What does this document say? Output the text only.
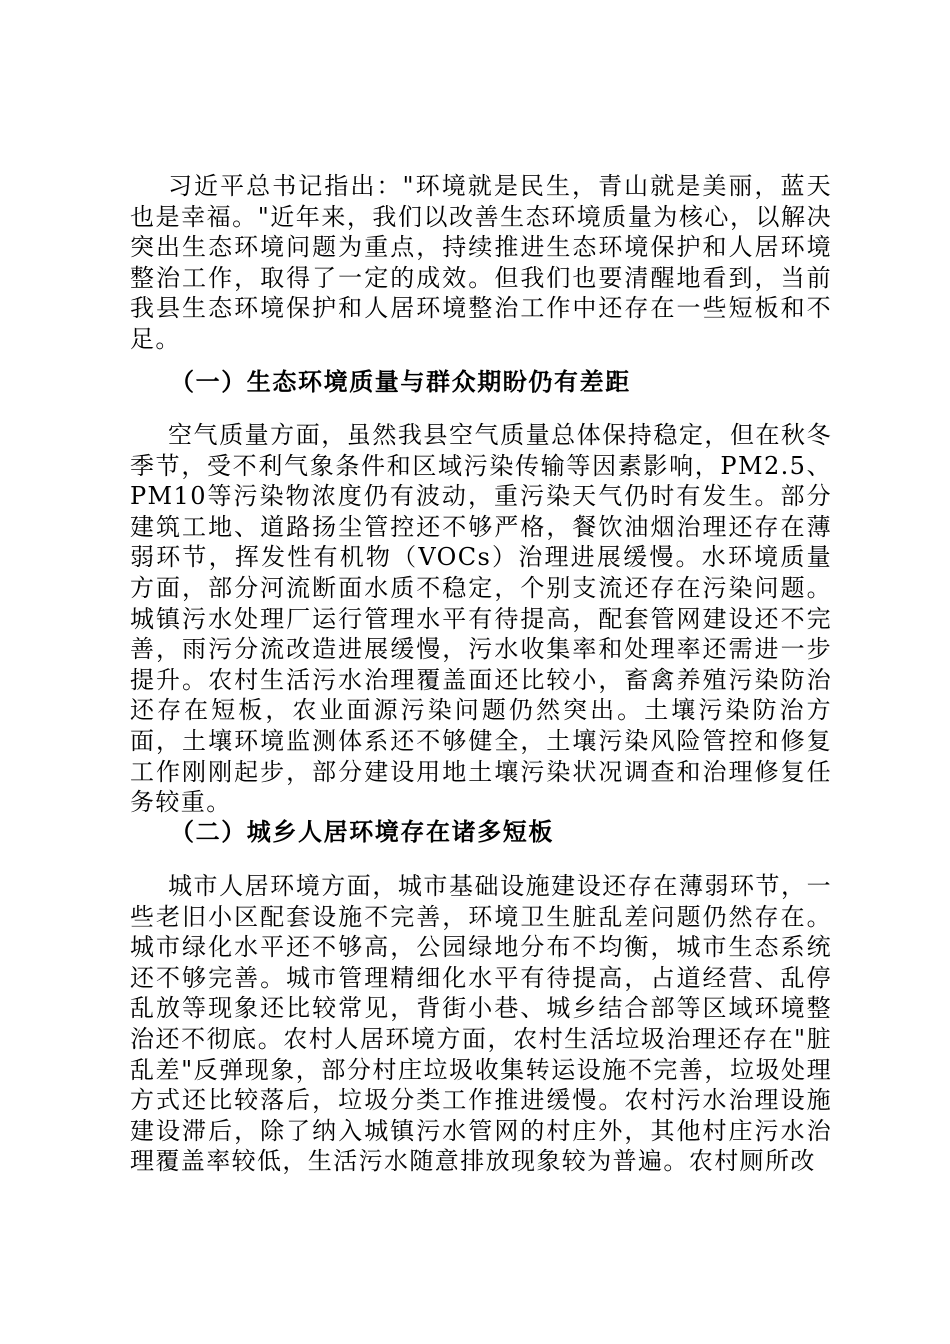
习近平总书记指出："环境就是民生，青山就是美丽，蓝天也是幸福。"近年来，我们以改善生态环境质量为核心，以解决突出生态环境问题为重点，持续推进生态环境保护和人居环境整治工作，取得了一定的成效。但我们也要清醒地看到，当前我县生态环境保护和人居环境整治工作中还存在一些短板和不足。

（一）生态环境质量与群众期盼仍有差距

空气质量方面，虽然我县空气质量总体保持稳定，但在秋冬季节，受不利气象条件和区域污染传输等因素影响，PM2.5、PM10等污染物浓度仍有波动，重污染天气仍时有发生。部分建筑工地、道路扬尘管控还不够严格，餐饮油烟治理还存在薄弱环节，挥发性有机物（VOCs）治理进展缓慢。水环境质量方面，部分河流断面水质不稳定，个别支流还存在污染问题。城镇污水处理厂运行管理水平有待提高，配套管网建设还不完善，雨污分流改造进展缓慢，污水收集率和处理率还需进一步提升。农村生活污水治理覆盖面还比较小，畜禽养殖污染防治还存在短板，农业面源污染问题仍然突出。土壤污染防治方面，土壤环境监测体系还不够健全，土壤污染风险管控和修复工作刚刚起步，部分建设用地土壤污染状况调查和治理修复任务较重。

（二）城乡人居环境存在诸多短板

城市人居环境方面，城市基础设施建设还存在薄弱环节，一些老旧小区配套设施不完善，环境卫生脏乱差问题仍然存在。城市绿化水平还不够高，公园绿地分布不均衡，城市生态系统还不够完善。城市管理精细化水平有待提高，占道经营、乱停乱放等现象还比较常见，背街小巷、城乡结合部等区域环境整治还不彻底。农村人居环境方面，农村生活垃圾治理还存在"脏乱差"反弹现象，部分村庄垃圾收集转运设施不完善，垃圾处理方式还比较落后，垃圾分类工作推进缓慢。农村污水治理设施建设滞后，除了纳入城镇污水管网的村庄外，其他村庄污水治理覆盖率较低，生活污水随意排放现象较为普遍。农村厕所改
